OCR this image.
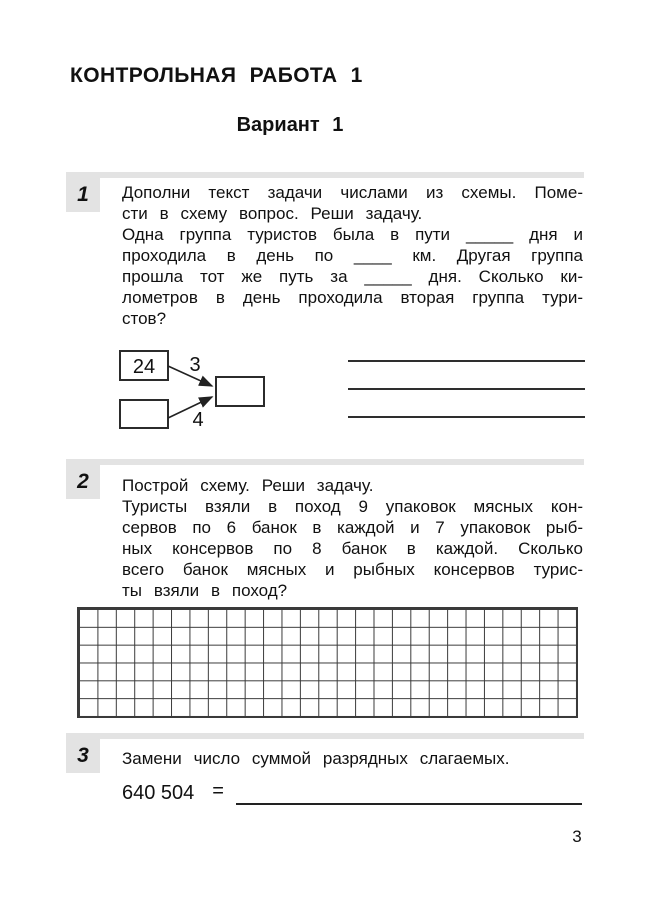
КОНТРОЛЬНАЯ РАБОТА 1
Вариант 1
1	Дополни текст задачи числами из схемы. Поме-
сти в схему вопрос. Реши задачу.
Одна группа туристов была в пути _____ дня и
проходила в день по ____ км. Другая группа
прошла тот же путь за _____ дня. Сколько ки-
лометров в день проходила вторая группа тури-
стов?
24 3
4
2	Построй схему. Реши задачу.
Туристы взяли в поход 9 упаковок мясных кон-
сервов по 6 банок в каждой и 7 упаковок рыб-
ных консервов по 8 банок в каждой. Сколько
всего банок мясных и рыбных консервов турис-
ты взяли в поход?
3	Замени число суммой разрядных слагаемых.
640 504 =
3
